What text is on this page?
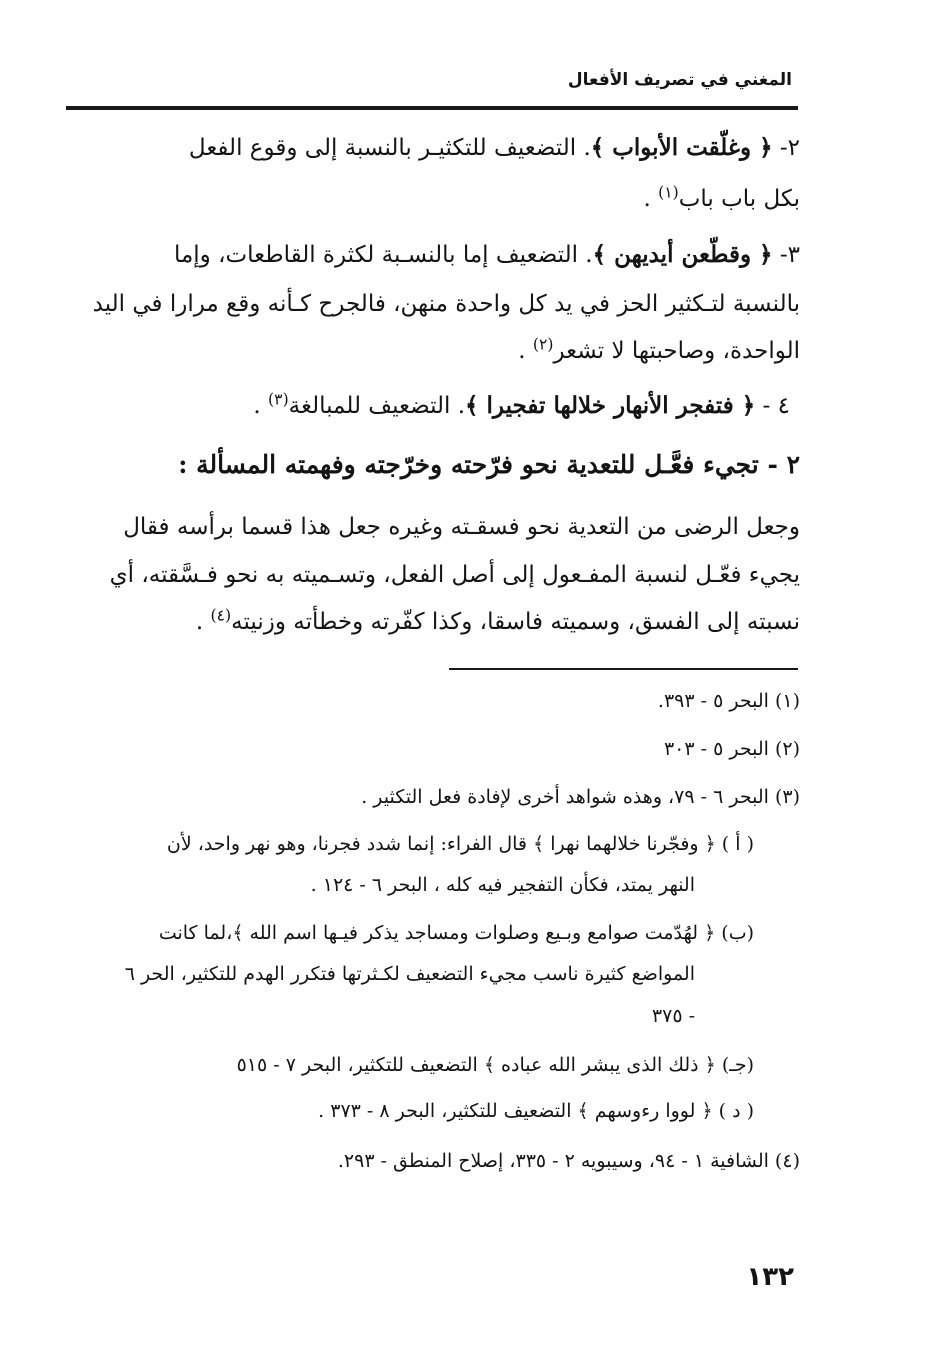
المغني في تصريف الأفعال
٢- ﴿ وغلّقت الأبواب ﴾. التضعيف للتكثيـر بالنسبة إلى وقوع الفعل
بكل باب باب$^{(١)}$ .
٣- ﴿ وقطّعن أيديهن ﴾. التضعيف إما بالنسـبة لكثرة القاطعات، وإما
بالنسبة لتـكثير الحز في يد كل واحدة منهن، فالجرح كـأنه وقع مرارا في اليد
الواحدة، وصاحبتها لا تشعر$^{(٢)}$ .
٤ - ﴿ فتفجر الأنهار خلالها تفجيرا ﴾. التضعيف للمبالغة$^{(٣)}$ .
٢ - تجيء فعَّـل للتعدية نحو فرّحته وخرّجته وفهمته المسألة :
وجعل الرضى من التعدية نحو فسقـته وغيره جعل هذا قسما برأسه فقال
يجيء فعّـل لنسبة المفـعول إلى أصل الفعل، وتسـميته به نحو فـسَّقته، أي
نسبته إلى الفسق، وسميته فاسقا، وكذا كفّرته وخطأته وزنيته$^{(٤)}$ .
(١) البحر ٥ - ٣٩٣.
(٢) البحر ٥ - ٣٠٣
(٣) البحر ٦ - ٧٩، وهذه شواهد أخرى لإفادة فعل التكثير .
( أ ) ﴿ وفجّرنا خلالهما نهرا ﴾ قال الفراء: إنما شدد فجرنا، وهو نهر واحد، لأن
النهر يمتد، فكأن التفجير فيه كله ، البحر ٦ - ١٢٤ .
(ب) ﴿ لهُدّمت صوامع وبـيع وصلوات ومساجد يذكر فيـها اسم الله ﴾،لما كانت
المواضع كثيرة ناسب مجيء التضعيف لكـثرتها فتكرر الهدم للتكثير، الحر ٦
- ٣٧٥
(جـ) ﴿ ذلك الذى يبشر الله عباده ﴾ التضعيف للتكثير، البحر ٧ - ٥١٥
( د ) ﴿ لووا رءوسهم ﴾ التضعيف للتكثير، البحر ٨ - ٣٧٣ .
(٤) الشافية ١ - ٩٤، وسيبويه ٢ - ٣٣٥، إصلاح المنطق - ٢٩٣.
١٣٢
